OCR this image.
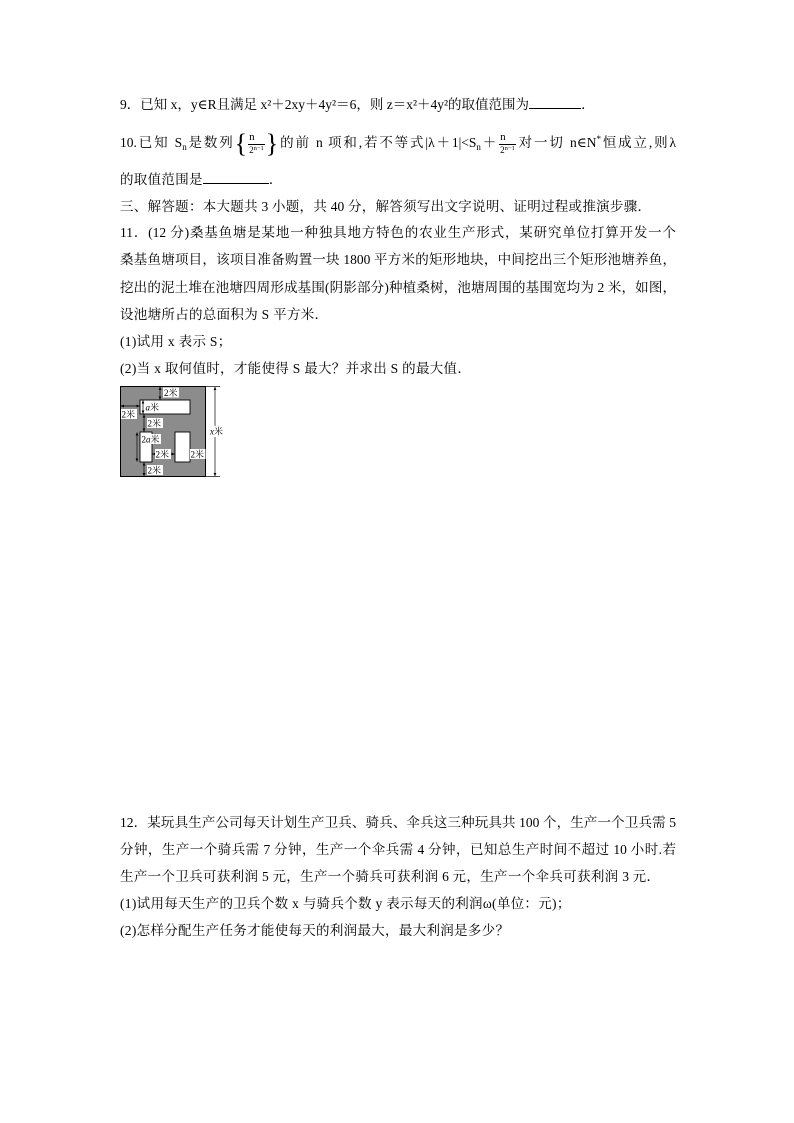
9．已知 x，y∈R且满足 x²＋2xy＋4y²＝6，则 z＝x²＋4y²的取值范围为	．
10.已知 $S_n$是数列{ $\frac{n}{2^{n-1}}$ }的前 n 项和,若不等式$|\lambda+1|<S_n+ \frac{n}{2^{n-1}}$ 对一切 n∈N*恒成立,则λ
的取值范围是	．
三、解答题：本大题共 3 小题，共 40 分，解答须写出文字说明、证明过程或推演步骤．
11．(12 分)桑基鱼塘是某地一种独具地方特色的农业生产形式，某研究单位打算开发一个
桑基鱼塘项目，该项目准备购置一块 1800 平方米的矩形地块，中间挖出三个矩形池塘养鱼，
挖出的泥土堆在池塘四周形成基围(阴影部分)种植桑树，池塘周围的基围宽均为 2 米，如图，
设池塘所占的总面积为 S 平方米．
(1)试用 x 表示 S；
(2)当 x 取何值时，才能使得 S 最大？并求出 S 的最大值．
2米
a米
2米
2米
2a米
2米 2米
2米
x米
12．某玩具生产公司每天计划生产卫兵、骑兵、伞兵这三种玩具共 100 个，生产一个卫兵需 5
分钟，生产一个骑兵需 7 分钟，生产一个伞兵需 4 分钟，已知总生产时间不超过 10 小时.若
生产一个卫兵可获利润 5 元，生产一个骑兵可获利润 6 元，生产一个伞兵可获利润 3 元．
(1)试用每天生产的卫兵个数 x 与骑兵个数 y 表示每天的利润ω(单位：元)；
(2)怎样分配生产任务才能使每天的利润最大，最大利润是多少？
